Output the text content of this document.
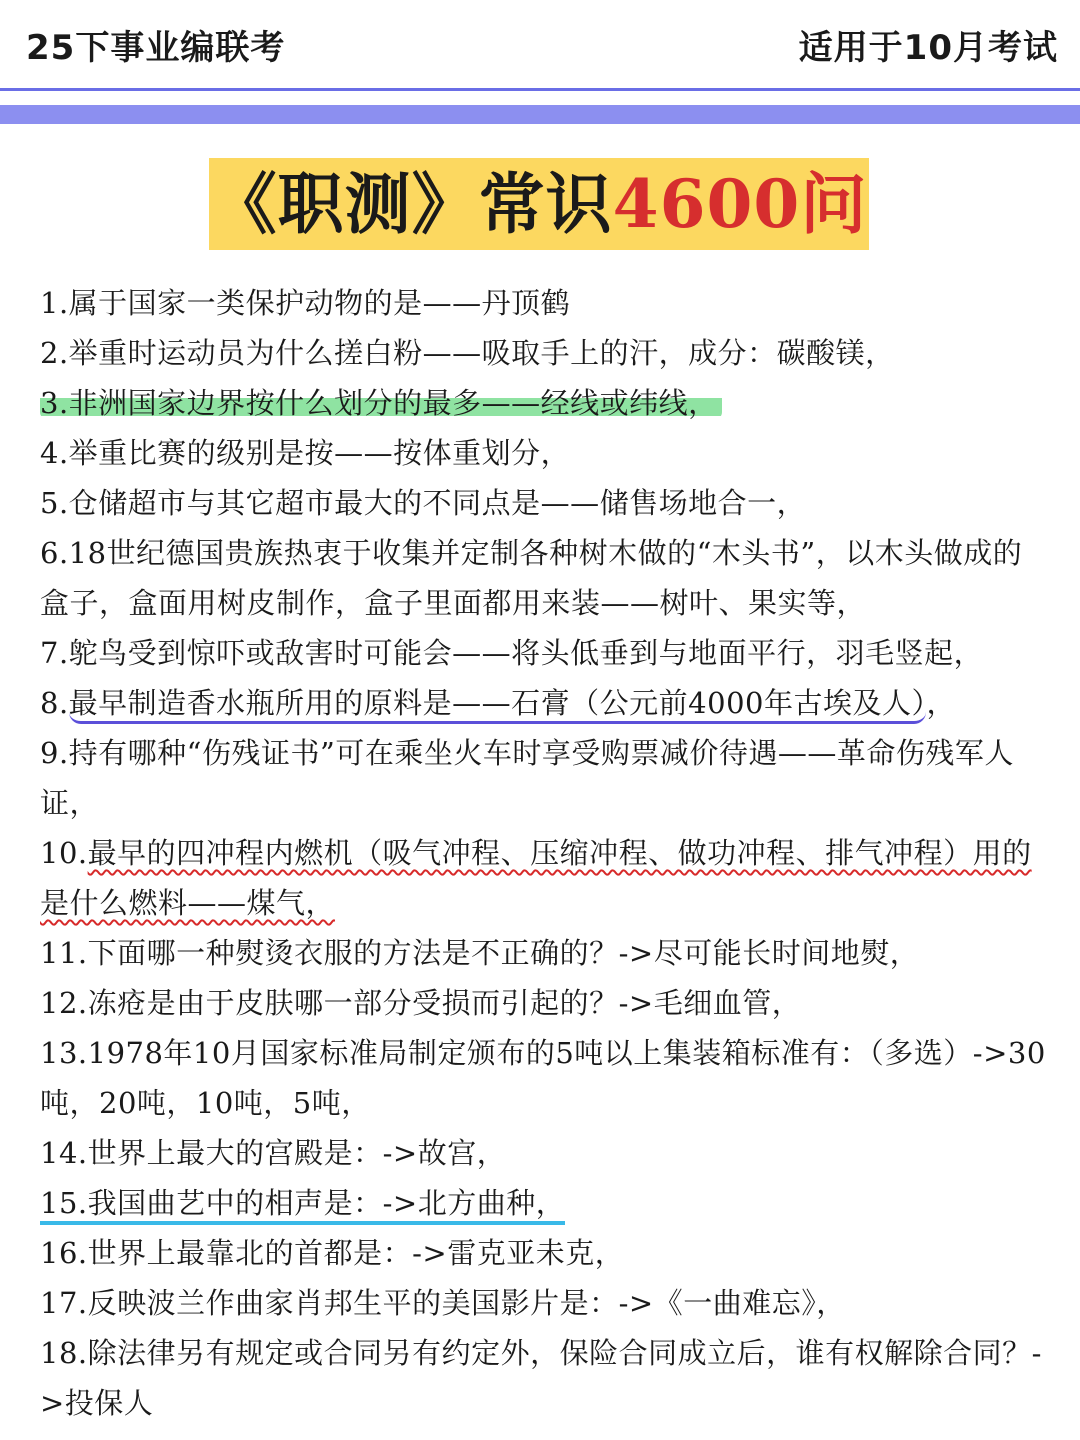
25下事业编联考	适用于10月考试
《职测》常识4600问
1.属于国家一类保护动物的是——丹顶鹤
2.举重时运动员为什么搓白粉——吸取手上的汗，成分：碳酸镁，
3.非洲国家边界按什么划分的最多——经线或纬线，
4.举重比赛的级别是按——按体重划分，
5.仓储超市与其它超市最大的不同点是——储售场地合一，
6.18世纪德国贵族热衷于收集并定制各种树木做的“木头书”，以木头做成的盒子，盒面用树皮制作，盒子里面都用来装——树叶、果实等，
7.鸵鸟受到惊吓或敌害时可能会——将头低垂到与地面平行，羽毛竖起，
8.最早制造香水瓶所用的原料是——石膏（公元前4000年古埃及人），
9.持有哪种“伤残证书”可在乘坐火车时享受购票减价待遇——革命伤残军人证，
10.最早的四冲程内燃机（吸气冲程、压缩冲程、做功冲程、排气冲程）用的是什么燃料——煤气，
11.下面哪一种熨烫衣服的方法是不正确的？->尽可能长时间地熨，
12.冻疮是由于皮肤哪一部分受损而引起的？->毛细血管，
13.1978年10月国家标准局制定颁布的5吨以上集装箱标准有：（多选）->30吨，20吨，10吨，5吨，
14.世界上最大的宫殿是：->故宫，
15.我国曲艺中的相声是：->北方曲种，
16.世界上最靠北的首都是：->雷克亚未克，
17.反映波兰作曲家肖邦生平的美国影片是：->《一曲难忘》，
18.除法律另有规定或合同另有约定外，保险合同成立后，谁有权解除合同？->投保人
